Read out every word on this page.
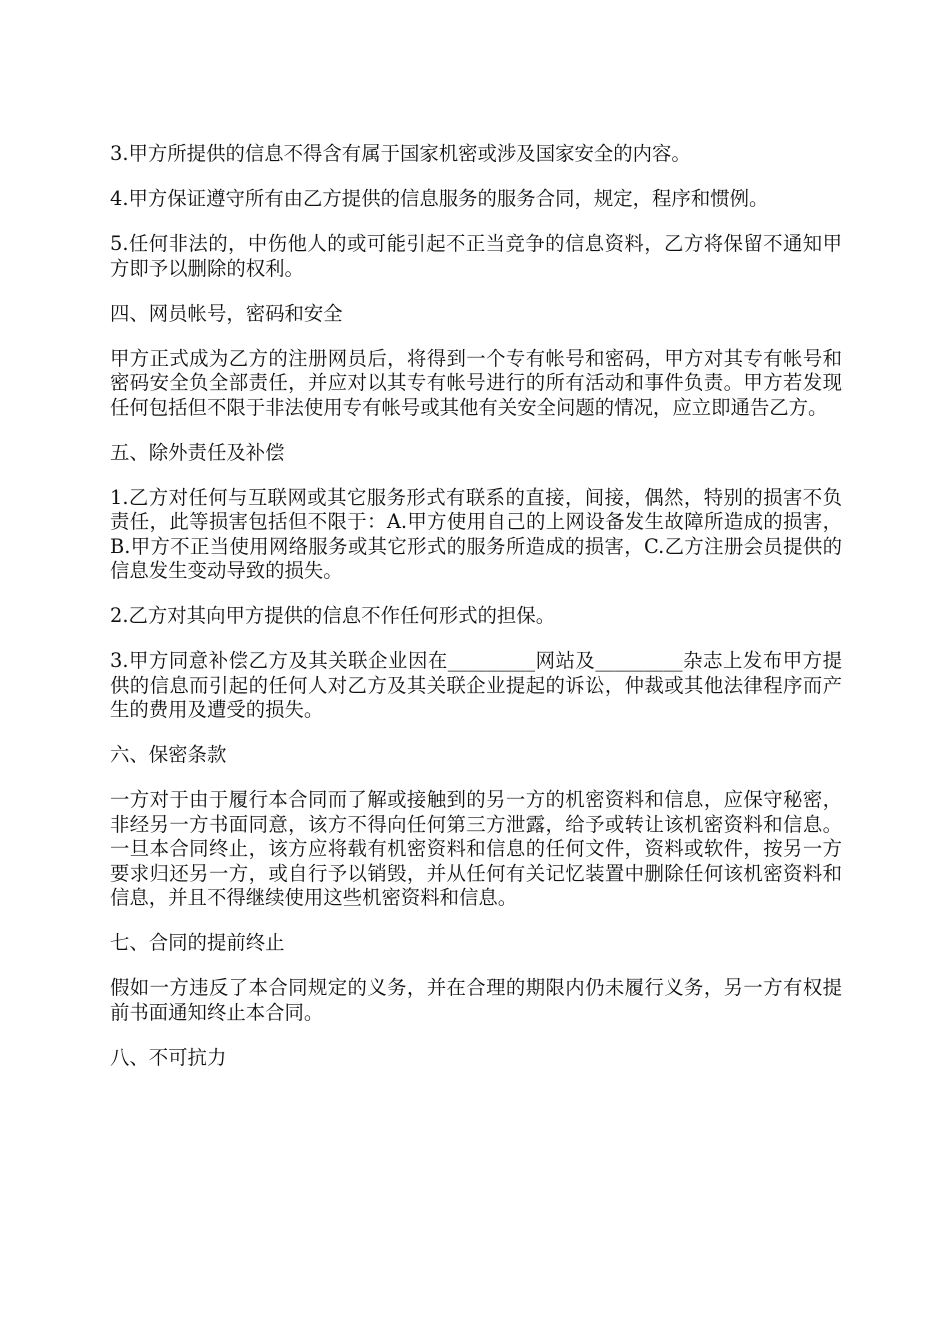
3.甲方所提供的信息不得含有属于国家机密或涉及国家安全的内容。

4.甲方保证遵守所有由乙方提供的信息服务的服务合同，规定，程序和惯例。

5.任何非法的，中伤他人的或可能引起不正当竞争的信息资料，乙方将保留不通知甲方即予以删除的权利。

四、网员帐号，密码和安全

甲方正式成为乙方的注册网员后，将得到一个专有帐号和密码，甲方对其专有帐号和密码安全负全部责任，并应对以其专有帐号进行的所有活动和事件负责。甲方若发现任何包括但不限于非法使用专有帐号或其他有关安全问题的情况，应立即通告乙方。

五、除外责任及补偿

1.乙方对任何与互联网或其它服务形式有联系的直接，间接，偶然，特别的损害不负责任，此等损害包括但不限于：A.甲方使用自己的上网设备发生故障所造成的损害，B.甲方不正当使用网络服务或其它形式的服务所造成的损害，C.乙方注册会员提供的信息发生变动导致的损失。

2.乙方对其向甲方提供的信息不作任何形式的担保。

3.甲方同意补偿乙方及其关联企业因在_________网站及_________杂志上发布甲方提供的信息而引起的任何人对乙方及其关联企业提起的诉讼，仲裁或其他法律程序而产生的费用及遭受的损失。

六、保密条款

一方对于由于履行本合同而了解或接触到的另一方的机密资料和信息，应保守秘密，非经另一方书面同意，该方不得向任何第三方泄露，给予或转让该机密资料和信息。一旦本合同终止，该方应将载有机密资料和信息的任何文件，资料或软件，按另一方要求归还另一方，或自行予以销毁，并从任何有关记忆装置中删除任何该机密资料和信息，并且不得继续使用这些机密资料和信息。

七、合同的提前终止

假如一方违反了本合同规定的义务，并在合理的期限内仍未履行义务，另一方有权提前书面通知终止本合同。

八、不可抗力
